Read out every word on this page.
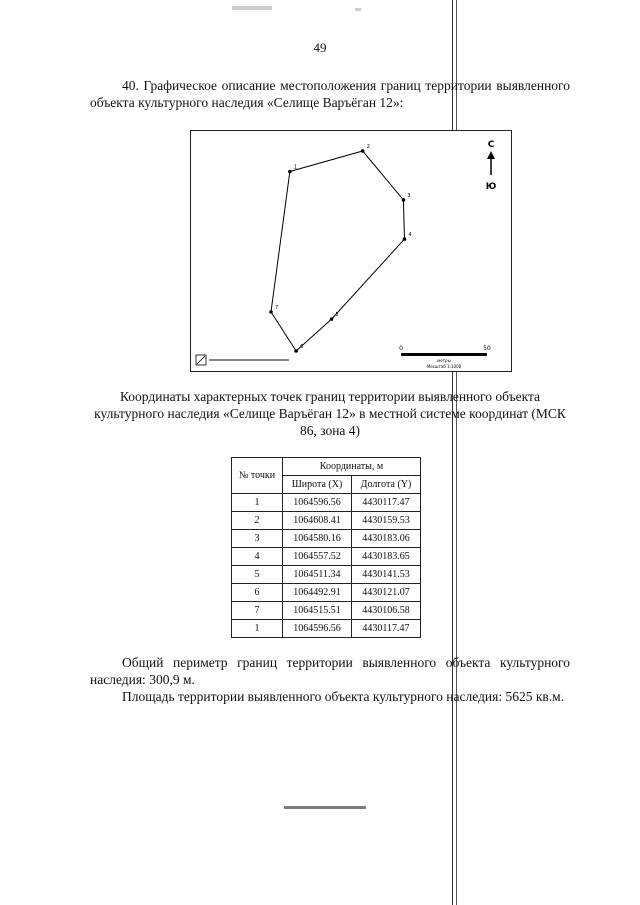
49
40. Графическое описание местоположения границ территории выявленного объекта культурного наследия «Селище Варъёган 12»:
1
2
3
4
5
6
7
С
Ю
0	50
метры
Масштаб 1:1000
Координаты характерных точек границ территории выявленного объекта культурного наследия «Селище Варъёган 12» в местной системе координат (МСК 86, зона 4)
№ точки	Координаты, м	
	Широта (X)	Долгота (Y)
1	1064596.56	4430117.47
2	1064608.41	4430159.53
3	1064580.16	4430183.06
4	1064557.52	4430183.65
5	1064511.34	4430141.53
6	1064492.91	4430121.07
7	1064515.51	4430106.58
1	1064596.56	4430117.47
Общий периметр границ территории выявленного объекта культурного наследия: 300,9 м.
Площадь территории выявленного объекта культурного наследия: 5625 кв.м.
